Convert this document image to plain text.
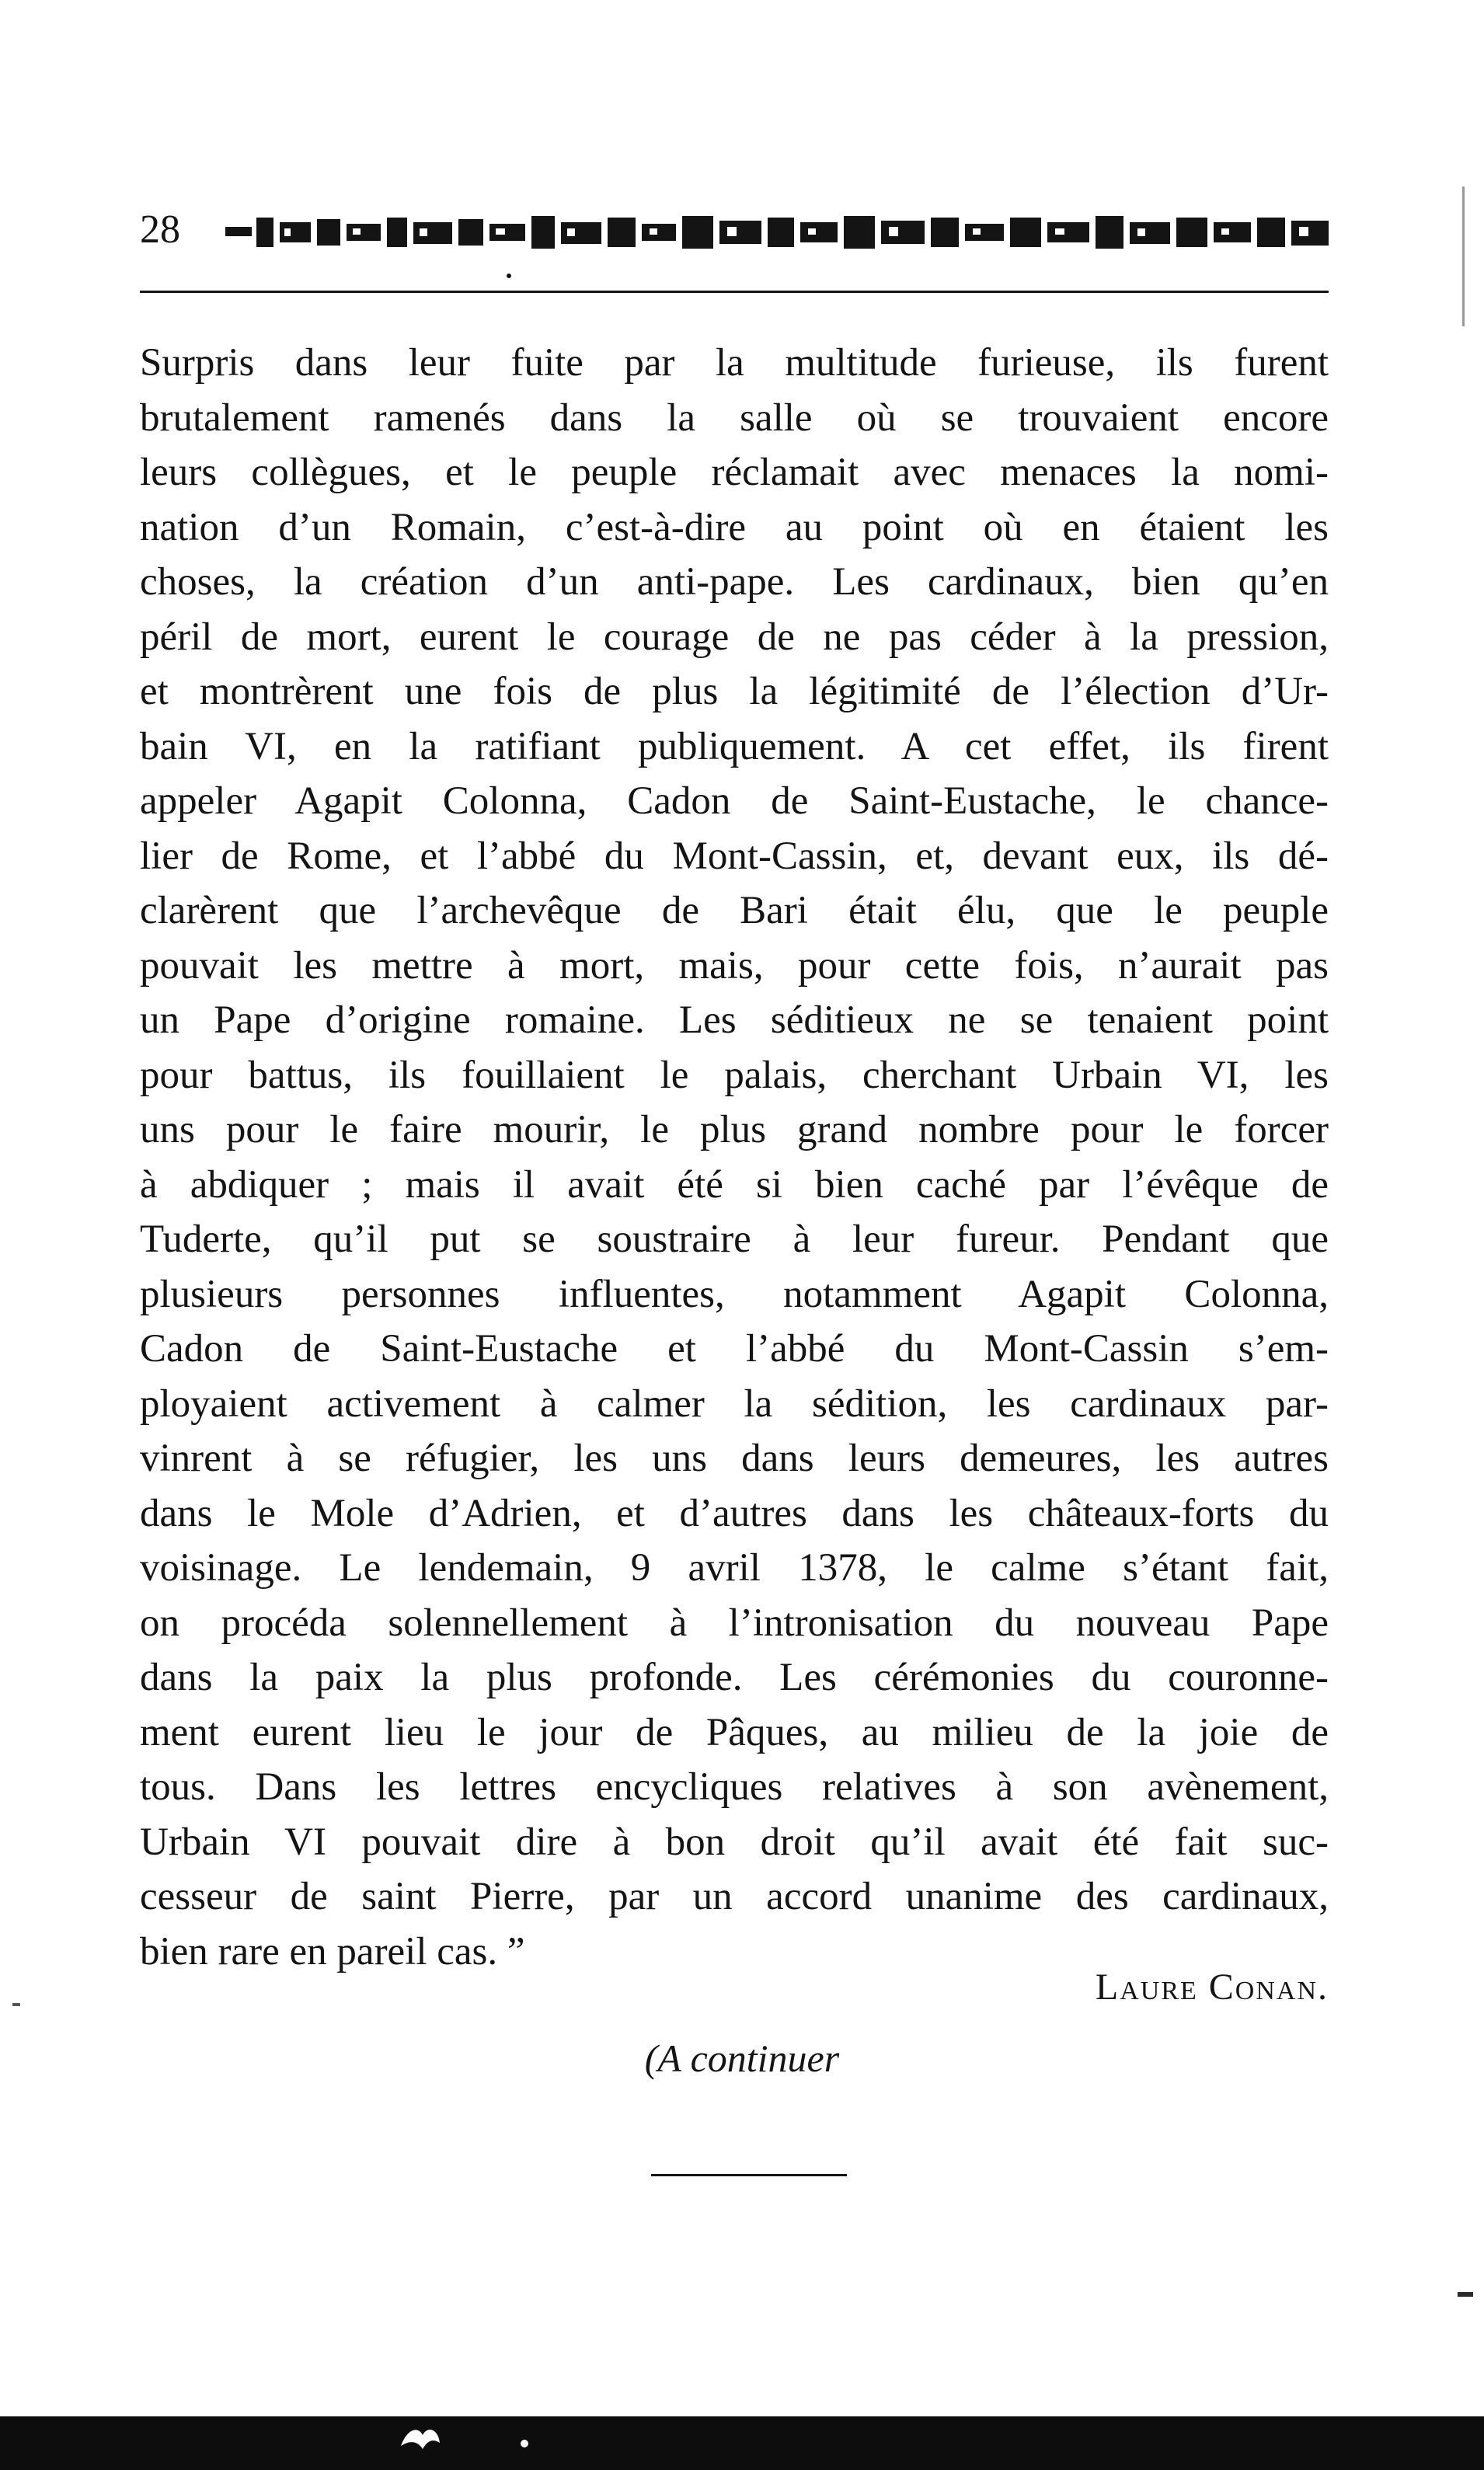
28
Surpris dans leur fuite par la multitude furieuse, ils furent
brutalement ramenés dans la salle où se trouvaient encore
leurs collègues, et le peuple réclamait avec menaces la nomi-
nation d’un Romain, c’est-à-dire au point où en étaient les
choses, la création d’un anti-pape. Les cardinaux, bien qu’en
péril de mort, eurent le courage de ne pas céder à la pression,
et montrèrent une fois de plus la légitimité de l’élection d’Ur-
bain VI, en la ratifiant publiquement. A cet effet, ils firent
appeler Agapit Colonna, Cadon de Saint-Eustache, le chance-
lier de Rome, et l’abbé du Mont-Cassin, et, devant eux, ils dé-
clarèrent que l’archevêque de Bari était élu, que le peuple
pouvait les mettre à mort, mais, pour cette fois, n’aurait pas
un Pape d’origine romaine. Les séditieux ne se tenaient point
pour battus, ils fouillaient le palais, cherchant Urbain VI, les
uns pour le faire mourir, le plus grand nombre pour le forcer
à abdiquer ; mais il avait été si bien caché par l’évêque de
Tuderte, qu’il put se soustraire à leur fureur. Pendant que
plusieurs personnes influentes, notamment Agapit Colonna,
Cadon de Saint-Eustache et l’abbé du Mont-Cassin s’em-
ployaient activement à calmer la sédition, les cardinaux par-
vinrent à se réfugier, les uns dans leurs demeures, les autres
dans le Mole d’Adrien, et d’autres dans les châteaux-forts du
voisinage. Le lendemain, 9 avril 1378, le calme s’étant fait,
on procéda solennellement à l’intronisation du nouveau Pape
dans la paix la plus profonde. Les cérémonies du couronne-
ment eurent lieu le jour de Pâques, au milieu de la joie de
tous. Dans les lettres encycliques relatives à son avènement,
Urbain VI pouvait dire à bon droit qu’il avait été fait suc-
cesseur de saint Pierre, par un accord unanime des cardinaux,
bien rare en pareil cas. ”
Laure Conan.
(A continuer
